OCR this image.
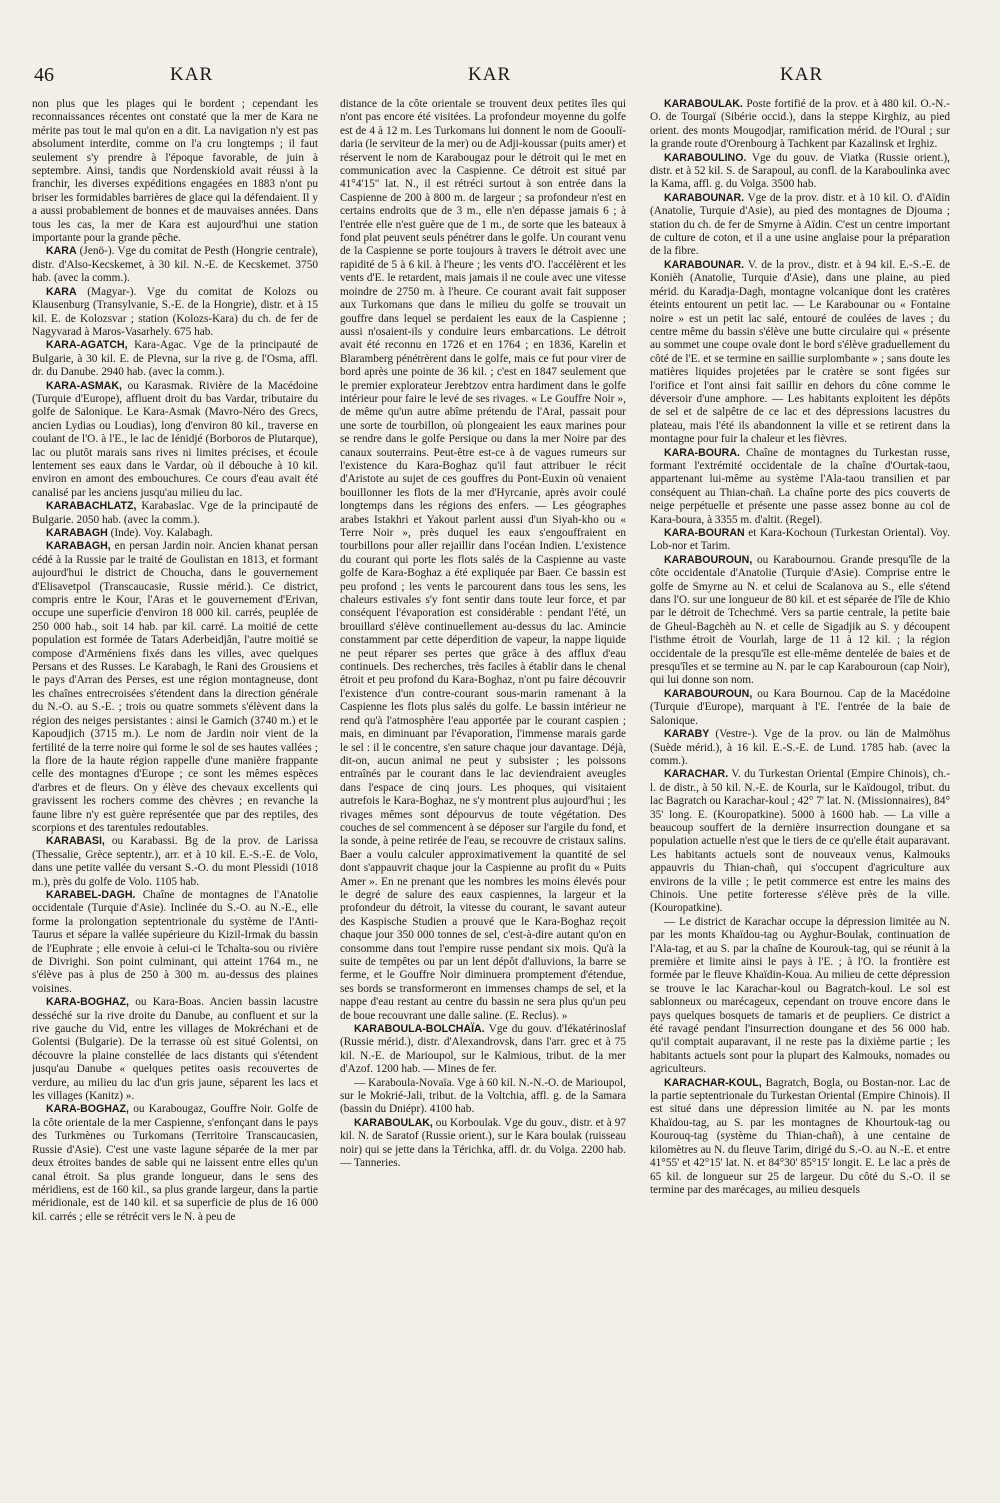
46	KAR	KAR	KAR

non plus que les plages qui le bordent ; cependant les reconnaissances récentes ont constaté que la mer de Kara ne mérite pas tout le mal qu'on en a dit. La navigation n'y est pas absolument interdite, comme on l'a cru longtemps ; il faut seulement s'y prendre à l'époque favorable, de juin à septembre. Ainsi, tandis que Nordenskiold avait réussi à la franchir, les diverses expéditions engagées en 1883 n'ont pu briser les formidables barrières de glace qui la défendaient. Il y a aussi probablement de bonnes et de mauvaises années. Dans tous les cas, la mer de Kara est aujourd'hui une station importante pour la grande pêche.

KARA (Jenö-). Vge du comitat de Pesth (Hongrie centrale), distr. d'Also-Kecskemet, à 30 kil. N.-E. de Kecskemet. 3750 hab. (avec la comm.).

KARA (Magyar-). Vge du comitat de Kolozs ou Klausenburg (Transylvanie, S.-E. de la Hongrie), distr. et à 15 kil. E. de Kolozsvar ; station (Kolozs-Kara) du ch. de fer de Nagyvarad à Maros-Vasarhely. 675 hab.

KARA-AGATCH, Kara-Agac. Vge de la principauté de Bulgarie, à 30 kil. E. de Plevna, sur la rive g. de l'Osma, affl. dr. du Danube. 2940 hab. (avec la comm.).

KARA-ASMAK, ou Karasmak. Rivière de la Macédoine (Turquie d'Europe), affluent droit du bas Vardar, tributaire du golfe de Salonique. Le Kara-Asmak (Mavro-Néro des Grecs, ancien Lydias ou Loudias), long d'environ 80 kil., traverse en coulant de l'O. à l'E., le lac de Iénidjé (Borboros de Plutarque), lac ou plutôt marais sans rives ni limites précises, et écoule lentement ses eaux dans le Vardar, où il débouche à 10 kil. environ en amont des embouchures. Ce cours d'eau avait été canalisé par les anciens jusqu'au milieu du lac.

KARABACHLATZ, Karabaslac. Vge de la principauté de Bulgarie. 2050 hab. (avec la comm.).

KARABAGH (Inde). Voy. Kalabagh.

KARABAGH, en persan Jardin noir. Ancien khanat persan cédé à la Russie par le traité de Goulistan en 1813, et formant aujourd'hui le district de Choucha, dans le gouvernement d'Elisavetpol (Transcaucasie, Russie mérid.). Ce district, compris entre le Kour, l'Aras et le gouvernement d'Erivan, occupe une superficie d'environ 18 000 kil. carrés, peuplée de 250 000 hab., soit 14 hab. par kil. carré. La moitié de cette population est formée de Tatars Aderbeidjân, l'autre moitié se compose d'Arméniens fixés dans les villes, avec quelques Persans et des Russes. Le Karabagh, le Rani des Grousiens et le pays d'Arran des Perses, est une région montagneuse, dont les chaînes entrecroisées s'étendent dans la direction générale du N.-O. au S.-E. ; trois ou quatre sommets s'élèvent dans la région des neiges persistantes : ainsi le Gamich (3740 m.) et le Kapoudjich (3715 m.). Le nom de Jardin noir vient de la fertilité de la terre noire qui forme le sol de ses hautes vallées ; la flore de la haute région rappelle d'une manière frappante celle des montagnes d'Europe ; ce sont les mêmes espèces d'arbres et de fleurs. On y élève des chevaux excellents qui gravissent les rochers comme des chèvres ; en revanche la faune libre n'y est guère représentée que par des reptiles, des scorpions et des tarentules redoutables.

KARABASI, ou Karabassi. Bg de la prov. de Larissa (Thessalie, Grèce septentr.), arr. et à 10 kil. E.-S.-E. de Volo, dans une petite vallée du versant S.-O. du mont Plessidi (1018 m.), près du golfe de Volo. 1105 hab.

KARABEL-DAGH. Chaîne de montagnes de l'Anatolie occidentale (Turquie d'Asie). Inclinée du S.-O. au N.-E., elle forme la prolongation septentrionale du système de l'Anti-Taurus et sépare la vallée supérieure du Kizil-Irmak du bassin de l'Euphrate ; elle envoie à celui-ci le Tchalta-sou ou rivière de Divrighi. Son point culminant, qui atteint 1764 m., ne s'élève pas à plus de 250 à 300 m. au-dessus des plaines voisines.

KARA-BOGHAZ, ou Kara-Boas. Ancien bassin lacustre desséché sur la rive droite du Danube, au confluent et sur la rive gauche du Vid, entre les villages de Mokréchani et de Golentsi (Bulgarie). De la terrasse où est situé Golentsi, on découvre la plaine constellée de lacs distants qui s'étendent jusqu'au Danube « quelques petites oasis recouvertes de verdure, au milieu du lac d'un gris jaune, séparent les lacs et les villages (Kanitz) ».

KARA-BOGHAZ, ou Karabougaz, Gouffre Noir. Golfe de la côte orientale de la mer Caspienne, s'enfonçant dans le pays des Turkmènes ou Turkomans (Territoire Transcaucasien, Russie d'Asie). C'est une vaste lagune séparée de la mer par deux étroites bandes de sable qui ne laissent entre elles qu'un canal étroit. Sa plus grande longueur, dans le sens des méridiens, est de 160 kil., sa plus grande largeur, dans la partie méridionale, est de 140 kil. et sa superficie de plus de 16 000 kil. carrés ; elle se rétrécit vers le N. à peu de

distance de la côte orientale se trouvent deux petites îles qui n'ont pas encore été visitées. La profondeur moyenne du golfe est de 4 à 12 m. Les Turkomans lui donnent le nom de Gooulï-daria (le serviteur de la mer) ou de Adji-koussar (puits amer) et réservent le nom de Karabougaz pour le détroit qui le met en communication avec la Caspienne. Ce détroit est situé par 41°4'15" lat. N., il est rétréci surtout à son entrée dans la Caspienne de 200 à 800 m. de largeur ; sa profondeur n'est en certains endroits que de 3 m., elle n'en dépasse jamais 6 ; à l'entrée elle n'est guère que de 1 m., de sorte que les bateaux à fond plat peuvent seuls pénétrer dans le golfe. Un courant venu de la Caspienne se porte toujours à travers le détroit avec une rapidité de 5 à 6 kil. à l'heure ; les vents d'O. l'accélèrent et les vents d'E. le retardent, mais jamais il ne coule avec une vitesse moindre de 2750 m. à l'heure. Ce courant avait fait supposer aux Turkomans que dans le milieu du golfe se trouvait un gouffre dans lequel se perdaient les eaux de la Caspienne ; aussi n'osaient-ils y conduire leurs embarcations. Le détroit avait été reconnu en 1726 et en 1764 ; en 1836, Karelin et Blaramberg pénétrèrent dans le golfe, mais ce fut pour virer de bord après une pointe de 36 kil. ; c'est en 1847 seulement que le premier explorateur Jerebtzov entra hardiment dans le golfe intérieur pour faire le levé de ses rivages. « Le Gouffre Noir », de même qu'un autre abîme prétendu de l'Aral, passait pour une sorte de tourbillon, où plongeaient les eaux marines pour se rendre dans le golfe Persique ou dans la mer Noire par des canaux souterrains. Peut-être est-ce à de vagues rumeurs sur l'existence du Kara-Boghaz qu'il faut attribuer le récit d'Aristote au sujet de ces gouffres du Pont-Euxin où venaient bouillonner les flots de la mer d'Hyrcanie, après avoir coulé longtemps dans les régions des enfers. — Les géographes arabes Istakhri et Yakout parlent aussi d'un Siyah-kho ou « Terre Noir », près duquel les eaux s'engouffraient en tourbillons pour aller rejaillir dans l'océan Indien. L'existence du courant qui porte les flots salés de la Caspienne au vaste golfe de Kara-Boghaz a été expliquée par Baer. Ce bassin est peu profond ; les vents le parcourent dans tous les sens, les chaleurs estivales s'y font sentir dans toute leur force, et par conséquent l'évaporation est considérable : pendant l'été, un brouillard s'élève continuellement au-dessus du lac. Amincie constamment par cette déperdition de vapeur, la nappe liquide ne peut réparer ses pertes que grâce à des afflux d'eau continuels. Des recherches, très faciles à établir dans le chenal étroit et peu profond du Kara-Boghaz, n'ont pu faire découvrir l'existence d'un contre-courant sous-marin ramenant à la Caspienne les flots plus salés du golfe. Le bassin intérieur ne rend qu'à l'atmosphère l'eau apportée par le courant caspien ; mais, en diminuant par l'évaporation, l'immense marais garde le sel : il le concentre, s'en sature chaque jour davantage. Déjà, dit-on, aucun animal ne peut y subsister ; les poissons entraînés par le courant dans le lac deviendraient aveugles dans l'espace de cinq jours. Les phoques, qui visitaient autrefois le Kara-Boghaz, ne s'y montrent plus aujourd'hui ; les rivages mêmes sont dépourvus de toute végétation. Des couches de sel commencent à se déposer sur l'argile du fond, et la sonde, à peine retirée de l'eau, se recouvre de cristaux salins. Baer a voulu calculer approximativement la quantité de sel dont s'appauvrit chaque jour la Caspienne au profit du « Puits Amer ». En ne prenant que les nombres les moins élevés pour le degré de salure des eaux caspiennes, la largeur et la profondeur du détroit, la vitesse du courant, le savant auteur des Kaspische Studien a prouvé que le Kara-Boghaz reçoit chaque jour 350 000 tonnes de sel, c'est-à-dire autant qu'on en consomme dans tout l'empire russe pendant six mois. Qu'à la suite de tempêtes ou par un lent dépôt d'alluvions, la barre se ferme, et le Gouffre Noir diminuera promptement d'étendue, ses bords se transformeront en immenses champs de sel, et la nappe d'eau restant au centre du bassin ne sera plus qu'un peu de boue recouvrant une dalle saline. (E. Reclus). »

KARABOULA-BOLCHAÏA. Vge du gouv. d'Iékatérinoslaf (Russie mérid.), distr. d'Alexandrovsk, dans l'arr. grec et à 75 kil. N.-E. de Marioupol, sur le Kalmious, tribut. de la mer d'Azof. 1200 hab. — Mines de fer.

— Karaboula-Novaïa. Vge à 60 kil. N.-N.-O. de Marioupol, sur le Mokrié-Jali, tribut. de la Voltchia, affl. g. de la Samara (bassin du Dniépr). 4100 hab.

KARABOULAK, ou Korboulak. Vge du gouv., distr. et à 97 kil. N. de Saratof (Russie orient.), sur le Kara boulak (ruisseau noir) qui se jette dans la Térichka, affl. dr. du Volga. 2200 hab. — Tanneries.

KARABOULAK. Poste fortifié de la prov. et à 480 kil. O.-N.-O. de Tourgaï (Sibérie occid.), dans la steppe Kirghiz, au pied orient. des monts Mougodjar, ramification mérid. de l'Oural ; sur la grande route d'Orenbourg à Tachkent par Kazalinsk et Irghiz.

KARABOULINO. Vge du gouv. de Viatka (Russie orient.), distr. et à 52 kil. S. de Sarapoul, au confl. de la Karaboulinka avec la Kama, affl. g. du Volga. 3500 hab.

KARABOUNAR. Vge de la prov. distr. et à 10 kil. O. d'Aïdin (Anatolie, Turquie d'Asie), au pied des montagnes de Djouma ; station du ch. de fer de Smyrne à Aïdin. C'est un centre important de culture de coton, et il a une usine anglaise pour la préparation de la fibre.

KARABOUNAR. V. de la prov., distr. et à 94 kil. E.-S.-E. de Konièh (Anatolie, Turquie d'Asie), dans une plaine, au pied mérid. du Karadja-Dagh, montagne volcanique dont les cratères éteints entourent un petit lac. — Le Karabounar ou « Fontaine noire » est un petit lac salé, entouré de coulées de laves ; du centre même du bassin s'élève une butte circulaire qui « présente au sommet une coupe ovale dont le bord s'élève graduellement du côté de l'E. et se termine en saillie surplombante » ; sans doute les matières liquides projetées par le cratère se sont figées sur l'orifice et l'ont ainsi fait saillir en dehors du cône comme le déversoir d'une amphore. — Les habitants exploitent les dépôts de sel et de salpêtre de ce lac et des dépressions lacustres du plateau, mais l'été ils abandonnent la ville et se retirent dans la montagne pour fuir la chaleur et les fièvres.

KARA-BOURA. Chaîne de montagnes du Turkestan russe, formant l'extrémité occidentale de la chaîne d'Ourtak-taou, appartenant lui-même au système l'Ala-taou transilien et par conséquent au Thian-chañ. La chaîne porte des pics couverts de neige perpétuelle et présente une passe assez bonne au col de Kara-boura, à 3355 m. d'altit. (Regel).

KARA-BOURAN et Kara-Kochoun (Turkestan Oriental). Voy. Lob-nor et Tarim.

KARABOUROUN, ou Karabournou. Grande presqu'île de la côte occidentale d'Anatolie (Turquie d'Asie). Comprise entre le golfe de Smyrne au N. et celui de Scalanova au S., elle s'étend dans l'O. sur une longueur de 80 kil. et est séparée de l'île de Khio par le détroit de Tchechmé. Vers sa partie centrale, la petite baie de Gheul-Bagchèh au N. et celle de Sigadjik au S. y découpent l'isthme étroit de Vourlah, large de 11 à 12 kil. ; la région occidentale de la presqu'île est elle-même dentelée de baies et de presqu'îles et se termine au N. par le cap Karabouroun (cap Noir), qui lui donne son nom.

KARABOUROUN, ou Kara Bournou. Cap de la Macédoine (Turquie d'Europe), marquant à l'E. l'entrée de la baie de Salonique.

KARABY (Vestre-). Vge de la prov. ou län de Malmöhus (Suède mérid.), à 16 kil. E.-S.-E. de Lund. 1785 hab. (avec la comm.).

KARACHAR. V. du Turkestan Oriental (Empire Chinois), ch.-l. de distr., à 50 kil. N.-E. de Kourla, sur le Kaïdougol, tribut. du lac Bagratch ou Karachar-koul ; 42° 7' lat. N. (Missionnaires), 84° 35' long. E. (Kouropatkine). 5000 à 1600 hab. — La ville a beaucoup souffert de la dernière insurrection doungane et sa population actuelle n'est que le tiers de ce qu'elle était auparavant. Les habitants actuels sont de nouveaux venus, Kalmouks appauvris du Thian-chañ, qui s'occupent d'agriculture aux environs de la ville ; le petit commerce est entre les mains des Chinois. Une petite forteresse s'élève près de la ville. (Kouropatkine).

— Le district de Karachar occupe la dépression limitée au N. par les monts Khaïdou-tag ou Ayghur-Boulak, continuation de l'Ala-tag, et au S. par la chaîne de Kourouk-tag, qui se réunit à la première et limite ainsi le pays à l'E. ; à l'O. la frontière est formée par le fleuve Khaïdin-Koua. Au milieu de cette dépression se trouve le lac Karachar-koul ou Bagratch-koul. Le sol est sablonneux ou marécageux, cependant on trouve encore dans le pays quelques bosquets de tamaris et de peupliers. Ce district a été ravagé pendant l'insurrection doungane et des 56 000 hab. qu'il comptait auparavant, il ne reste pas la dixième partie ; les habitants actuels sont pour la plupart des Kalmouks, nomades ou agriculteurs.

KARACHAR-KOUL, Bagratch, Bogla, ou Bostan-nor. Lac de la partie septentrionale du Turkestan Oriental (Empire Chinois). Il est situé dans une dépression limitée au N. par les monts Khaïdou-tag, au S. par les montagnes de Khourtouk-tag ou Kourouq-tag (système du Thian-chañ), à une centaine de kilomètres au N. du fleuve Tarim, dirigé du S.-O. au N.-E. et entre 41°55' et 42°15' lat. N. et 84°30' 85°15' longit. E. Le lac a près de 65 kil. de longueur sur 25 de largeur. Du côté du S.-O. il se termine par des marécages, au milieu desquels
